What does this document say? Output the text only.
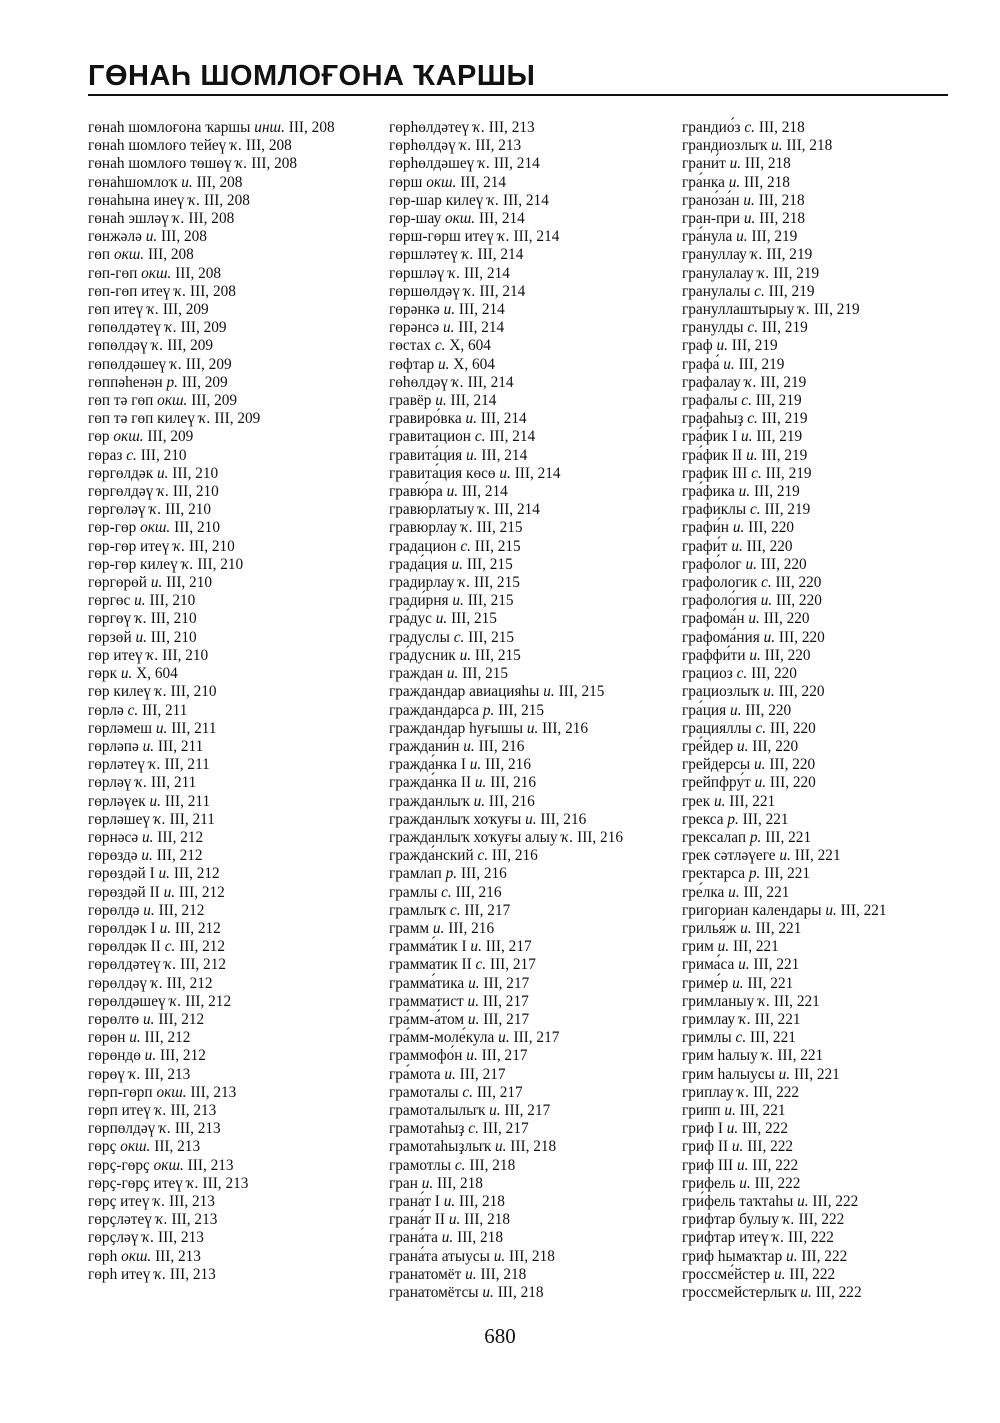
ГӨНАҺ ШОМЛОҒОНА ҠАРШЫ
гөнаһ шомлоғона ҡаршы инш. III, 208
гөнаһ шомлоғо тейеү ҡ. III, 208
гөнаһ шомлоғо төшөү ҡ. III, 208
гөнаһшомлоҡ и. III, 208
гөнаһына инеү ҡ. III, 208
гөнаһ эшләү ҡ. III, 208
гөнжәлә и. III, 208
гөп окш. III, 208
гөп-гөп окш. III, 208
гөп-гөп итеү ҡ. III, 208
гөп итеү ҡ. III, 209
гөпөлдәтеү ҡ. III, 209
гөпөлдәү ҡ. III, 209
гөпөлдәшеү ҡ. III, 209
гөппәһенән р. III, 209
гөп тә гөп окш. III, 209
гөп тә гөп килеү ҡ. III, 209
гөр окш. III, 209
гөраз с. III, 210
гөргөлдәк и. III, 210
гөргөлдәү ҡ. III, 210
гөргөләү ҡ. III, 210
гөр-гөр окш. III, 210
гөр-гөр итеү ҡ. III, 210
гөр-гөр килеү ҡ. III, 210
гөргөрөй и. III, 210
гөргөс и. III, 210
гөргөү ҡ. III, 210
гөрзөй и. III, 210
гөр итеү ҡ. III, 210
гөрк и. X, 604
гөр килеү ҡ. III, 210
гөрлә с. III, 211
гөрләмеш и. III, 211
гөрләпә и. III, 211
гөрләтеү ҡ. III, 211
гөрләү ҡ. III, 211
гөрләүек и. III, 211
гөрләшеү ҡ. III, 211
гөрнәсә и. III, 212
гөрөздә и. III, 212
гөрөздәй I и. III, 212
гөрөздәй II и. III, 212
гөрөлдә и. III, 212
гөрөлдәк I и. III, 212
гөрөлдәк II с. III, 212
гөрөлдәтеү ҡ. III, 212
гөрөлдәү ҡ. III, 212
гөрөлдәшеү ҡ. III, 212
гөрөлтө и. III, 212
гөрөн и. III, 212
гөрөндө и. III, 212
гөрөү ҡ. III, 213
гөрп-гөрп окш. III, 213
гөрп итеү ҡ. III, 213
гөрпөлдәү ҡ. III, 213
гөрҫ окш. III, 213
гөрҫ-гөрҫ окш. III, 213
гөрҫ-гөрҫ итеү ҡ. III, 213
гөрҫ итеү ҡ. III, 213
гөрҫләтеү ҡ. III, 213
гөрҫләү ҡ. III, 213
гөрһ окш. III, 213
гөрһ итеү ҡ. III, 213
гөрһөлдәтеү ҡ. III, 213
гөрһөлдәү ҡ. III, 213
гөрһөлдәшеү ҡ. III, 214
гөрш окш. III, 214
гөр-шар килеү ҡ. III, 214
гөр-шау окш. III, 214
гөрш-гөрш итеү ҡ. III, 214
гөршләтеү ҡ. III, 214
гөршләү ҡ. III, 214
гөршөлдәү ҡ. III, 214
гөрәнкә и. III, 214
гөрәнсә и. III, 214
гөстах с. X, 604
гөфтар и. X, 604
гөһөлдәү ҡ. III, 214
гравёр и. III, 214
гравиро́вка и. III, 214
гравитацион с. III, 214
гравита́ция и. III, 214
гравита́ция көсө и. III, 214
гравю́ра и. III, 214
гравюрлатыу ҡ. III, 214
гравюрлау ҡ. III, 215
градацион с. III, 215
града́ция и. III, 215
градирлау ҡ. III, 215
гради́рня и. III, 215
гра́дус и. III, 215
градуслы с. III, 215
гра́дусник и. III, 215
граждан и. III, 215
граждандар авиацияһы и. III, 215
граждандарса р. III, 215
граждандар һуғышы и. III, 216
граждани́н и. III, 216
гражда́нка I и. III, 216
гражда́нка II и. III, 216
гражданлыҡ и. III, 216
гражданлыҡ хоҡуғы и. III, 216
гражданлыҡ хоҡуғы алыу ҡ. III, 216
гражда́нский с. III, 216
грамлап р. III, 216
грамлы с. III, 216
грамлыҡ с. III, 217
грамм и. III, 216
грамма́тик I и. III, 217
грамматик II с. III, 217
грамма́тика и. III, 217
грамматист и. III, 217
гра́мм-а́том и. III, 217
гра́мм-моле́кула и. III, 217
граммофо́н и. III, 217
гра́мота и. III, 217
грамоталы с. III, 217
грамоталылыҡ и. III, 217
грамотаһыҙ с. III, 217
грамотаһыҙлыҡ и. III, 218
грамотлы с. III, 218
гран и. III, 218
грана́т I и. III, 218
грана́т II и. III, 218
грана́та и. III, 218
грана́та атыусы и. III, 218
гранатомёт и. III, 218
гранатомётсы и. III, 218
грандио́з с. III, 218
грандиозлыҡ и. III, 218
грани́т и. III, 218
гра́нка и. III, 218
грано́за́н и. III, 218
гран-при и. III, 218
гра́нула и. III, 219
грануллау ҡ. III, 219
гранулалау ҡ. III, 219
гранулалы с. III, 219
грануллаштырыу ҡ. III, 219
гранулды с. III, 219
граф и. III, 219
графа́ и. III, 219
графалау ҡ. III, 219
графалы с. III, 219
графаһыҙ с. III, 219
гра́фик I и. III, 219
гра́фик II и. III, 219
график III с. III, 219
гра́фика и. III, 219
графиклы с. III, 219
графи́н и. III, 220
графи́т и. III, 220
графо́лог и. III, 220
графологик с. III, 220
графоло́гия и. III, 220
графома́н и. III, 220
графома́ния и. III, 220
граффи́ти и. III, 220
грациоз с. III, 220
грациозлыҡ и. III, 220
гра́ция и. III, 220
грацияллы с. III, 220
гре́йдер и. III, 220
грейдерсы и. III, 220
грейпфру́т и. III, 220
грек и. III, 221
грекса р. III, 221
грексалап р. III, 221
грек сәтләүеге и. III, 221
гректарса р. III, 221
гре́лка и. III, 221
григориан календары и. III, 221
грилья́ж и. III, 221
грим и. III, 221
грима́са и. III, 221
гриме́р и. III, 221
гримланыу ҡ. III, 221
гримлау ҡ. III, 221
гримлы с. III, 221
грим һалыу ҡ. III, 221
грим һалыусы и. III, 221
гриплау ҡ. III, 222
грипп и. III, 221
гриф I и. III, 222
гриф II и. III, 222
гриф III и. III, 222
грифель и. III, 222
гри́фель таҡтаһы и. III, 222
грифтар булыу ҡ. III, 222
грифтар итеү ҡ. III, 222
гриф һымаҡтар и. III, 222
гроссме́йстер и. III, 222
гроссмейстерлыҡ и. III, 222
680
